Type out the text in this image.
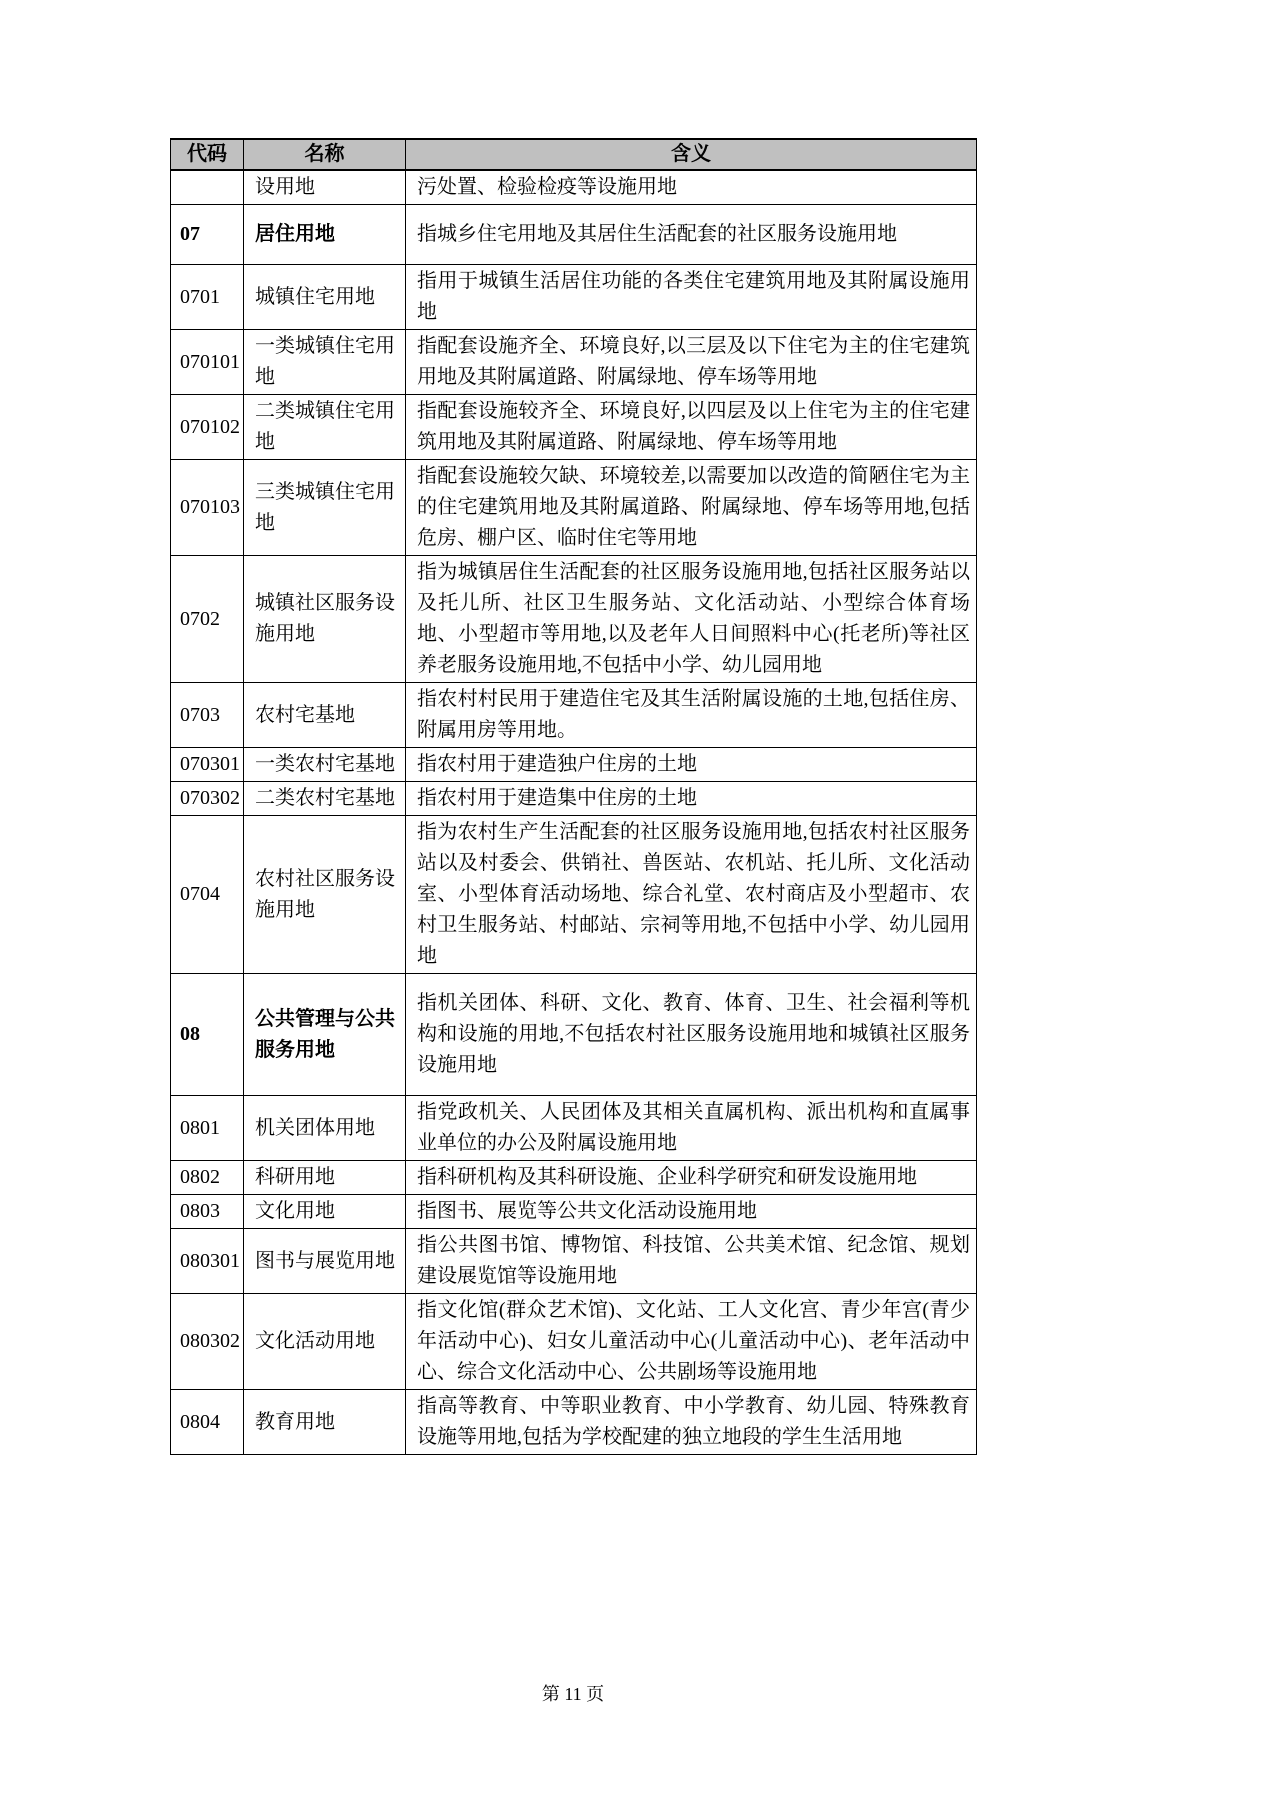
代码	名称	含义
	设用地	污处置、检验检疫等设施用地
07	居住用地	指城乡住宅用地及其居住生活配套的社区服务设施用地
0701	城镇住宅用地	指用于城镇生活居住功能的各类住宅建筑用地及其附属设施用地
070101	一类城镇住宅用地	指配套设施齐全、环境良好,以三层及以下住宅为主的住宅建筑用地及其附属道路、附属绿地、停车场等用地
070102	二类城镇住宅用地	指配套设施较齐全、环境良好,以四层及以上住宅为主的住宅建筑用地及其附属道路、附属绿地、停车场等用地
070103	三类城镇住宅用地	指配套设施较欠缺、环境较差,以需要加以改造的简陋住宅为主的住宅建筑用地及其附属道路、附属绿地、停车场等用地,包括危房、棚户区、临时住宅等用地
0702	城镇社区服务设施用地	指为城镇居住生活配套的社区服务设施用地,包括社区服务站以及托儿所、社区卫生服务站、文化活动站、小型综合体育场地、小型超市等用地,以及老年人日间照料中心(托老所)等社区养老服务设施用地,不包括中小学、幼儿园用地
0703	农村宅基地	指农村村民用于建造住宅及其生活附属设施的土地,包括住房、附属用房等用地。
070301	一类农村宅基地	指农村用于建造独户住房的土地
070302	二类农村宅基地	指农村用于建造集中住房的土地
0704	农村社区服务设施用地	指为农村生产生活配套的社区服务设施用地,包括农村社区服务站以及村委会、供销社、兽医站、农机站、托儿所、文化活动室、小型体育活动场地、综合礼堂、农村商店及小型超市、农村卫生服务站、村邮站、宗祠等用地,不包括中小学、幼儿园用地
08	公共管理与公共服务用地	指机关团体、科研、文化、教育、体育、卫生、社会福利等机构和设施的用地,不包括农村社区服务设施用地和城镇社区服务设施用地
0801	机关团体用地	指党政机关、人民团体及其相关直属机构、派出机构和直属事业单位的办公及附属设施用地
0802	科研用地	指科研机构及其科研设施、企业科学研究和研发设施用地
0803	文化用地	指图书、展览等公共文化活动设施用地
080301	图书与展览用地	指公共图书馆、博物馆、科技馆、公共美术馆、纪念馆、规划建设展览馆等设施用地
080302	文化活动用地	指文化馆(群众艺术馆)、文化站、工人文化宫、青少年宫(青少年活动中心)、妇女儿童活动中心(儿童活动中心)、老年活动中心、综合文化活动中心、公共剧场等设施用地
0804	教育用地	指高等教育、中等职业教育、中小学教育、幼儿园、特殊教育设施等用地,包括为学校配建的独立地段的学生生活用地
第 11 页
